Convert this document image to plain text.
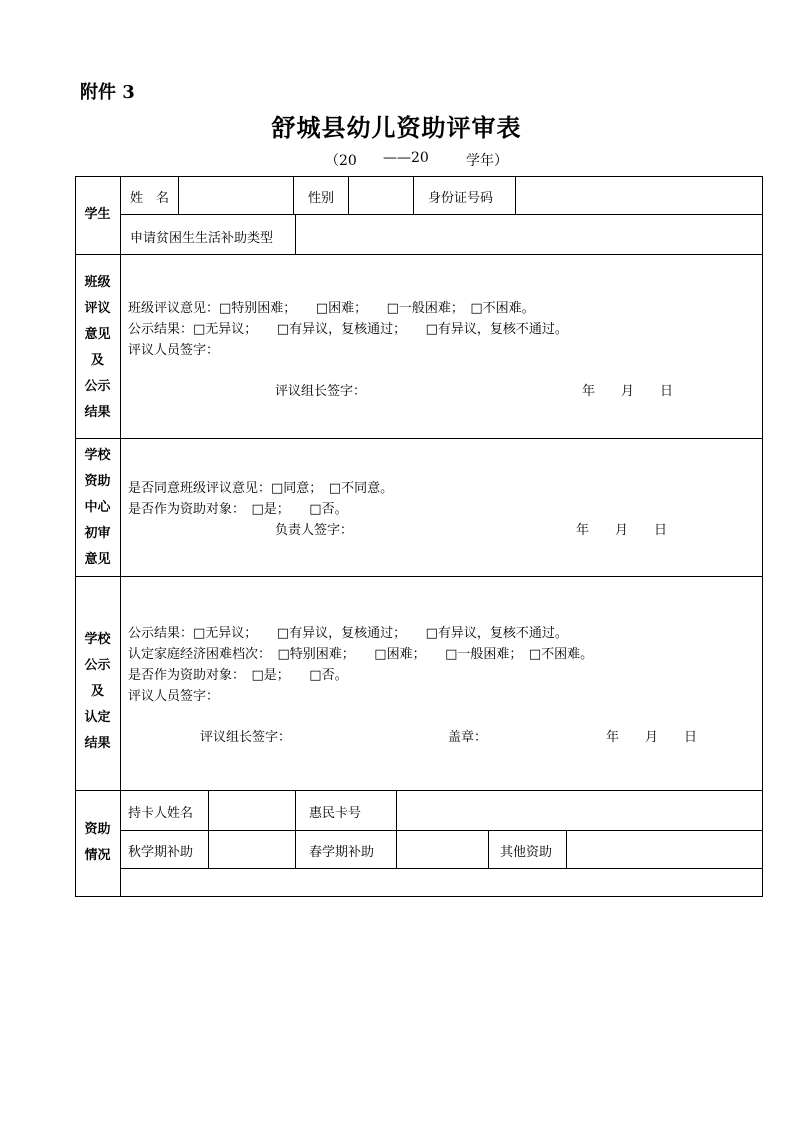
附件 3
舒城县幼儿资助评审表
（20 ——20	学年）
学生
姓　名	性别	身份证号码
申请贫困生生活补助类型
班级
评议
意见
及
公示
结果
班级评议意见：□特别困难；　　□困难；　　□一般困难；　□不困难。
公示结果：□无异议；　　□有异议，复核通过；　　□有异议，复核不通过。
评议人员签字：
评议组长签字：	年　　月　　日
学校
资助
中心
初审
意见
是否同意班级评议意见：□同意；　□不同意。
是否作为资助对象：　□是；　　□否。
负责人签字：	年　　月　　日
学校
公示
及
认定
结果
公示结果：□无异议；　　□有异议，复核通过；　　□有异议，复核不通过。
认定家庭经济困难档次：　□特别困难；　　□困难；　　□一般困难；　□不困难。
是否作为资助对象：　□是；　　□否。
评议人员签字：
评议组长签字：	盖章：	年　　月　　日
资助
情况
持卡人姓名	惠民卡号
秋学期补助	春学期补助	其他资助
